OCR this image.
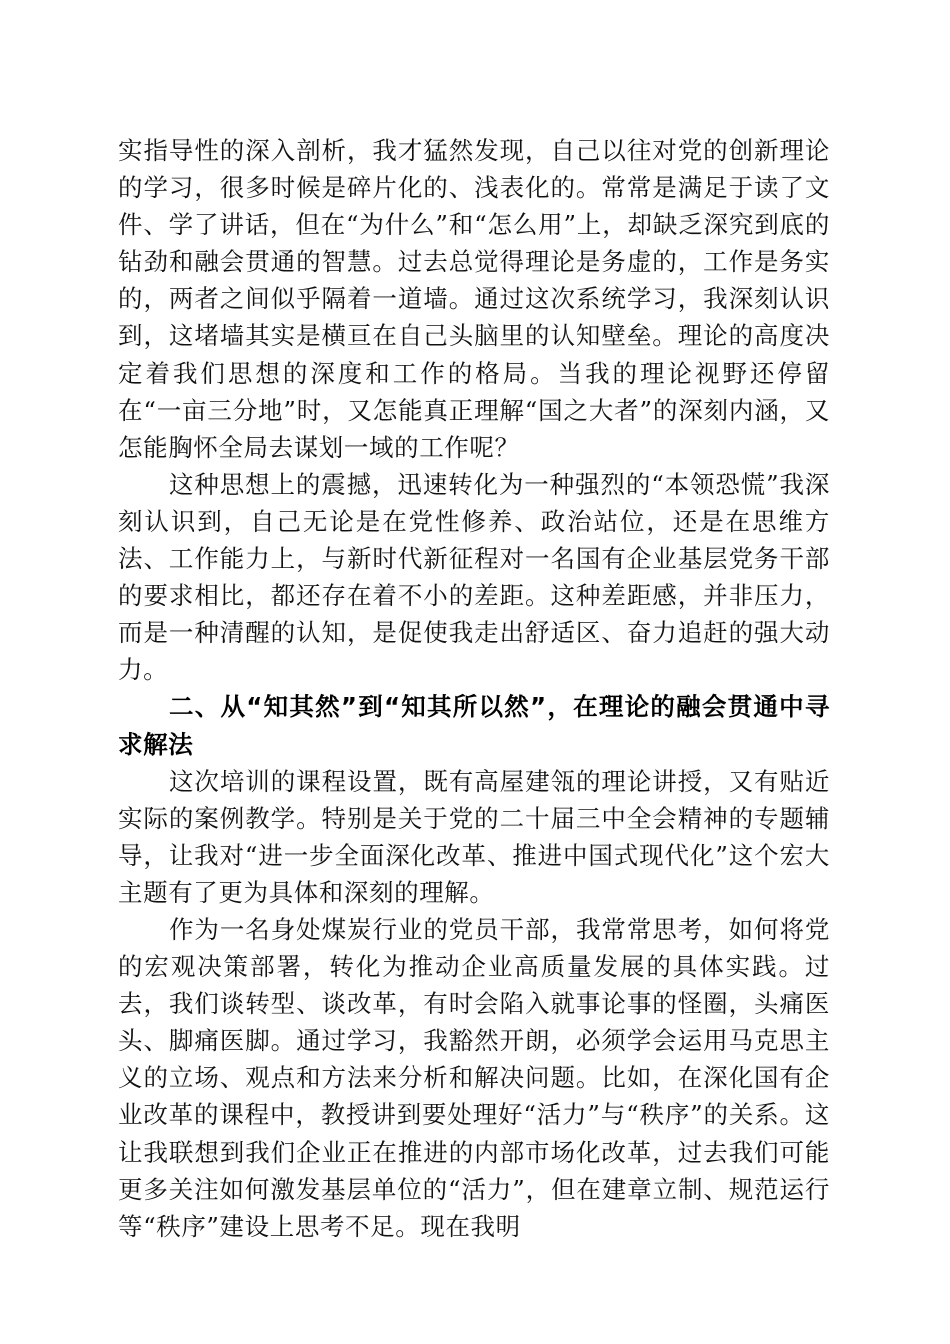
实指导性的深入剖析，我才猛然发现，自己以往对党的创新理论的学习，很多时候是碎片化的、浅表化的。常常是满足于读了文件、学了讲话，但在“为什么”和“怎么用”上，却缺乏深究到底的钻劲和融会贯通的智慧。过去总觉得理论是务虚的，工作是务实的，两者之间似乎隔着一道墙。通过这次系统学习，我深刻认识到，这堵墙其实是横亘在自己头脑里的认知壁垒。理论的高度决定着我们思想的深度和工作的格局。当我的理论视野还停留在“一亩三分地”时，又怎能真正理解“国之大者”的深刻内涵，又怎能胸怀全局去谋划一域的工作呢？

这种思想上的震撼，迅速转化为一种强烈的“本领恐慌”我深刻认识到，自己无论是在党性修养、政治站位，还是在思维方法、工作能力上，与新时代新征程对一名国有企业基层党务干部的要求相比，都还存在着不小的差距。这种差距感，并非压力，而是一种清醒的认知，是促使我走出舒适区、奋力追赶的强大动力。

二、从“知其然”到“知其所以然”，在理论的融会贯通中寻求解法

这次培训的课程设置，既有高屋建瓴的理论讲授，又有贴近实际的案例教学。特别是关于党的二十届三中全会精神的专题辅导，让我对“进一步全面深化改革、推进中国式现代化”这个宏大主题有了更为具体和深刻的理解。

作为一名身处煤炭行业的党员干部，我常常思考，如何将党的宏观决策部署，转化为推动企业高质量发展的具体实践。过去，我们谈转型、谈改革，有时会陷入就事论事的怪圈，头痛医头、脚痛医脚。通过学习，我豁然开朗，必须学会运用马克思主义的立场、观点和方法来分析和解决问题。比如，在深化国有企业改革的课程中，教授讲到要处理好“活力”与“秩序”的关系。这让我联想到我们企业正在推进的内部市场化改革，过去我们可能更多关注如何激发基层单位的“活力”，但在建章立制、规范运行等“秩序”建设上思考不足。现在我明
